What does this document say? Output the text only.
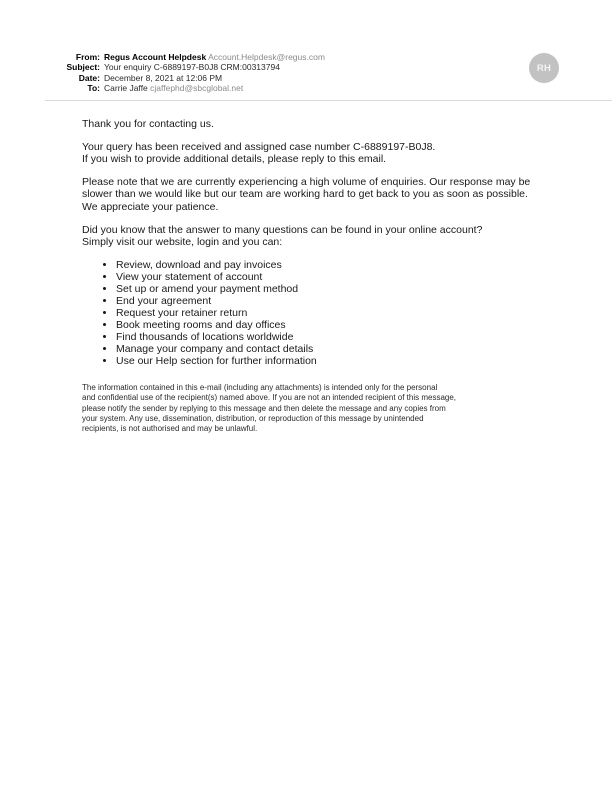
From: Regus Account Helpdesk Account.Helpdesk@regus.com
Subject: Your enquiry C-6889197-B0J8 CRM:00313794
Date: December 8, 2021 at 12:06 PM
To: Carrie Jaffe cjaffephd@sbcglobal.net
RH

Thank you for contacting us.

Your query has been received and assigned case number C-6889197-B0J8.
If you wish to provide additional details, please reply to this email.

Please note that we are currently experiencing a high volume of enquiries. Our response may be
slower than we would like but our team are working hard to get back to you as soon as possible.
We appreciate your patience.

Did you know that the answer to many questions can be found in your online account?
Simply visit our website, login and you can:

• Review, download and pay invoices
• View your statement of account
• Set up or amend your payment method
• End your agreement
• Request your retainer return
• Book meeting rooms and day offices
• Find thousands of locations worldwide
• Manage your company and contact details
• Use our Help section for further information
The information contained in this e-mail (including any attachments) is intended only for the personal
and confidential use of the recipient(s) named above. If you are not an intended recipient of this message,
please notify the sender by replying to this message and then delete the message and any copies from
your system. Any use, dissemination, distribution, or reproduction of this message by unintended
recipients, is not authorised and may be unlawful.
